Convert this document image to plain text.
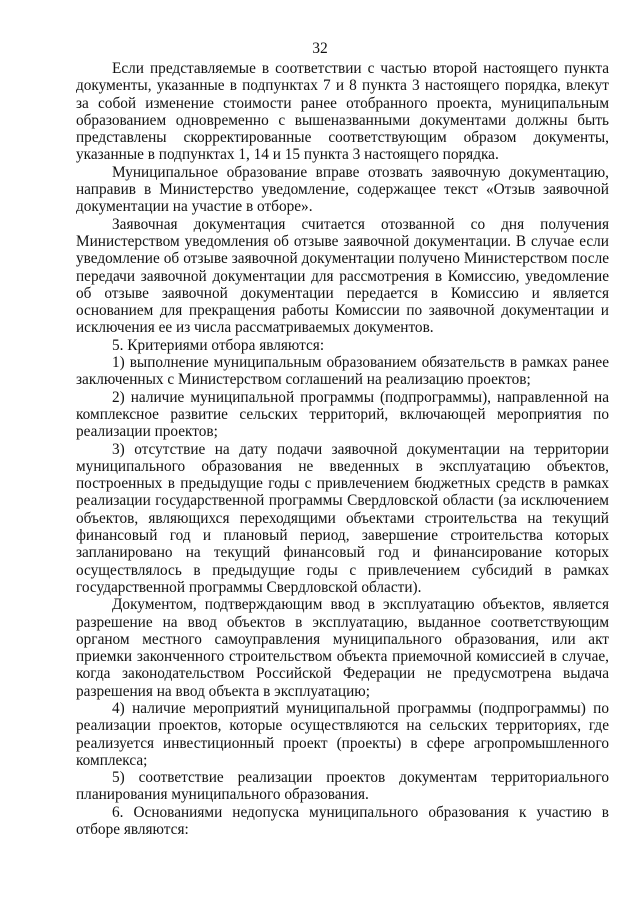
32

Если представляемые в соответствии с частью второй настоящего пункта документы, указанные в подпунктах 7 и 8 пункта 3 настоящего порядка, влекут за собой изменение стоимости ранее отобранного проекта, муниципальным образованием одновременно с вышеназванными документами должны быть представлены скорректированные соответствующим образом документы, указанные в подпунктах 1, 14 и 15 пункта 3 настоящего порядка.

Муниципальное образование вправе отозвать заявочную документацию, направив в Министерство уведомление, содержащее текст «Отзыв заявочной документации на участие в отборе».

Заявочная документация считается отозванной со дня получения Министерством уведомления об отзыве заявочной документации. В случае если уведомление об отзыве заявочной документации получено Министерством после передачи заявочной документации для рассмотрения в Комиссию, уведомление об отзыве заявочной документации передается в Комиссию и является основанием для прекращения работы Комиссии по заявочной документации и исключения ее из числа рассматриваемых документов.

5. Критериями отбора являются:

1) выполнение муниципальным образованием обязательств в рамках ранее заключенных с Министерством соглашений на реализацию проектов;

2) наличие муниципальной программы (подпрограммы), направленной на комплексное развитие сельских территорий, включающей мероприятия по реализации проектов;

3) отсутствие на дату подачи заявочной документации на территории муниципального образования не введенных в эксплуатацию объектов, построенных в предыдущие годы с привлечением бюджетных средств в рамках реализации государственной программы Свердловской области (за исключением объектов, являющихся переходящими объектами строительства на текущий финансовый год и плановый период, завершение строительства которых запланировано на текущий финансовый год и финансирование которых осуществлялось в предыдущие годы с привлечением субсидий в рамках государственной программы Свердловской области).

Документом, подтверждающим ввод в эксплуатацию объектов, является разрешение на ввод объектов в эксплуатацию, выданное соответствующим органом местного самоуправления муниципального образования, или акт приемки законченного строительством объекта приемочной комиссией в случае, когда законодательством Российской Федерации не предусмотрена выдача разрешения на ввод объекта в эксплуатацию;

4) наличие мероприятий муниципальной программы (подпрограммы) по реализации проектов, которые осуществляются на сельских территориях, где реализуется инвестиционный проект (проекты) в сфере агропромышленного комплекса;

5) соответствие реализации проектов документам территориального планирования муниципального образования.

6. Основаниями недопуска муниципального образования к участию в отборе являются:
